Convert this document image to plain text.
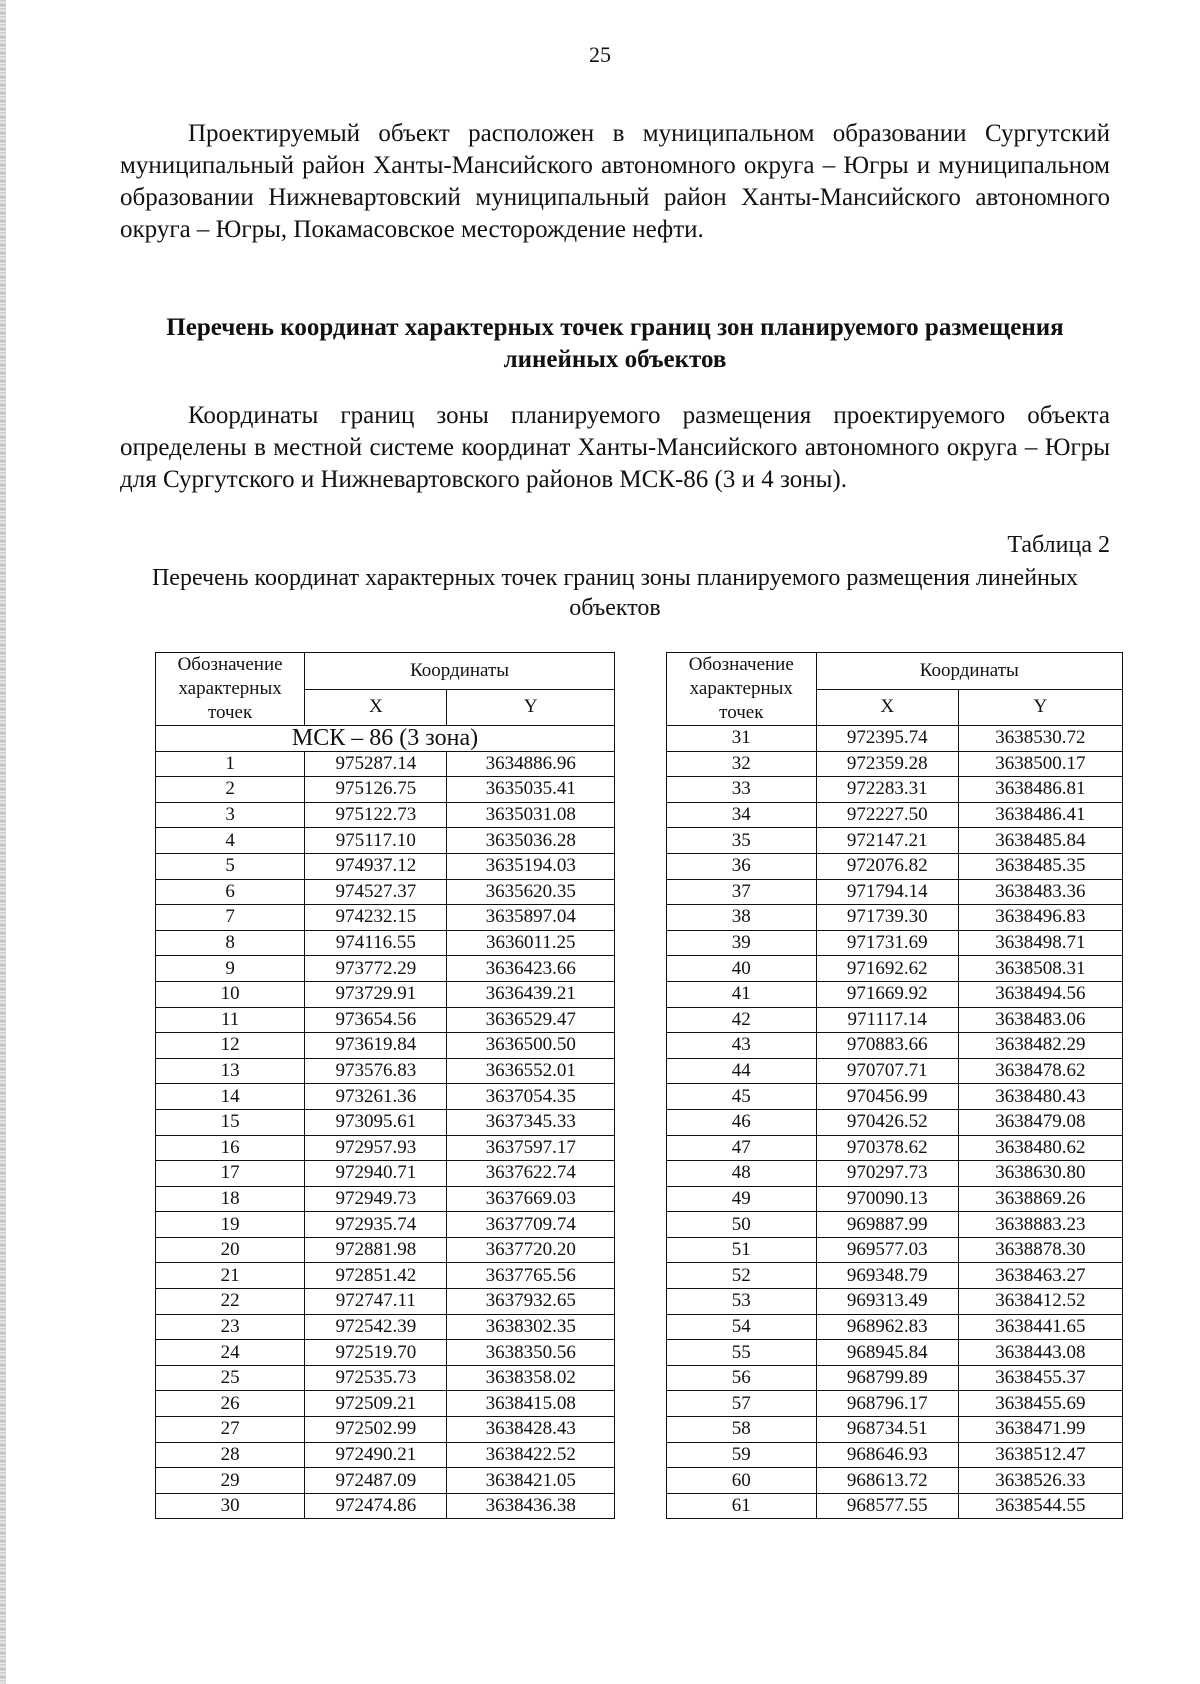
25
Проектируемый объект расположен в муниципальном образовании Сургутский муниципальный район Ханты-Мансийского автономного округа – Югры и муниципальном образовании Нижневартовский муниципальный район Ханты-Мансийского автономного округа – Югры, Покамасовское месторождение нефти.
Перечень координат характерных точек границ зон планируемого размещения линейных объектов
Координаты границ зоны планируемого размещения проектируемого объекта определены в местной системе координат Ханты-Мансийского автономного округа – Югры для Сургутского и Нижневартовского районов МСК-86 (3 и 4 зоны).
Таблица 2
Перечень координат характерных точек границ зоны планируемого размещения линейных объектов
Обозначение характерных точек	Координаты	
	X	Y
МСК – 86 (3 зона)		
1	975287.14	3634886.96
2	975126.75	3635035.41
3	975122.73	3635031.08
4	975117.10	3635036.28
5	974937.12	3635194.03
6	974527.37	3635620.35
7	974232.15	3635897.04
8	974116.55	3636011.25
9	973772.29	3636423.66
10	973729.91	3636439.21
11	973654.56	3636529.47
12	973619.84	3636500.50
13	973576.83	3636552.01
14	973261.36	3637054.35
15	973095.61	3637345.33
16	972957.93	3637597.17
17	972940.71	3637622.74
18	972949.73	3637669.03
19	972935.74	3637709.74
20	972881.98	3637720.20
21	972851.42	3637765.56
22	972747.11	3637932.65
23	972542.39	3638302.35
24	972519.70	3638350.56
25	972535.73	3638358.02
26	972509.21	3638415.08
27	972502.99	3638428.43
28	972490.21	3638422.52
29	972487.09	3638421.05
30	972474.86	3638436.38
Обозначение характерных точек	Координаты	
	X	Y
31	972395.74	3638530.72
32	972359.28	3638500.17
33	972283.31	3638486.81
34	972227.50	3638486.41
35	972147.21	3638485.84
36	972076.82	3638485.35
37	971794.14	3638483.36
38	971739.30	3638496.83
39	971731.69	3638498.71
40	971692.62	3638508.31
41	971669.92	3638494.56
42	971117.14	3638483.06
43	970883.66	3638482.29
44	970707.71	3638478.62
45	970456.99	3638480.43
46	970426.52	3638479.08
47	970378.62	3638480.62
48	970297.73	3638630.80
49	970090.13	3638869.26
50	969887.99	3638883.23
51	969577.03	3638878.30
52	969348.79	3638463.27
53	969313.49	3638412.52
54	968962.83	3638441.65
55	968945.84	3638443.08
56	968799.89	3638455.37
57	968796.17	3638455.69
58	968734.51	3638471.99
59	968646.93	3638512.47
60	968613.72	3638526.33
61	968577.55	3638544.55
